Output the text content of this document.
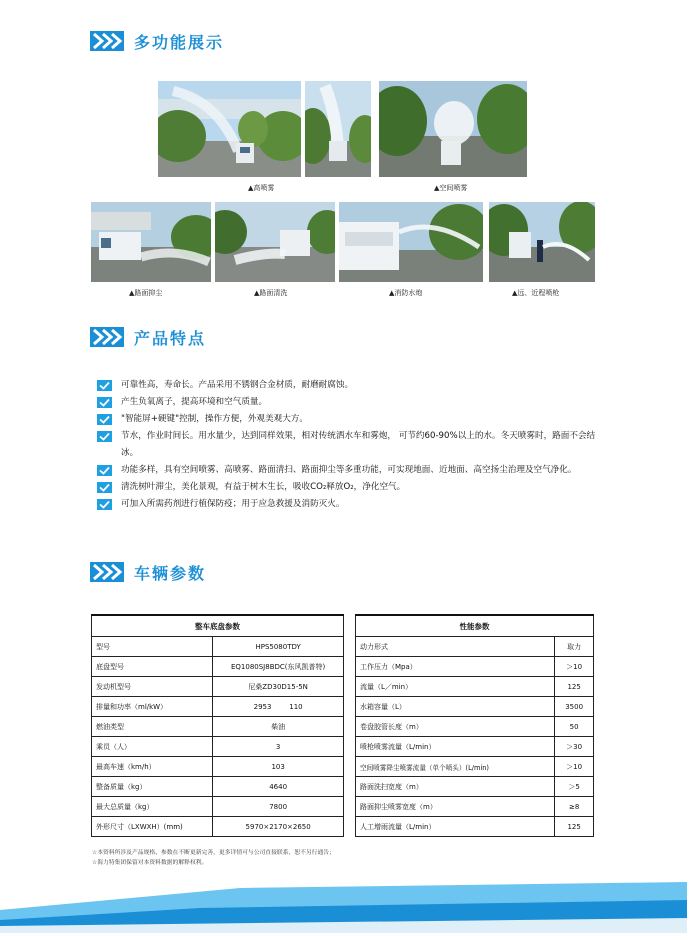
多功能展示
▲高喷雾	▲空间喷雾
▲路面抑尘	▲路面清洗	▲消防水炮	▲远、近程喷枪
产品特点
可靠性高，寿命长。产品采用不锈钢合金材质，耐磨耐腐蚀。
产生负氧离子，提高环境和空气质量。
"智能屏+硬键"控制，操作方便，外观美观大方。
节水，作业时间长。用水量少，达到同样效果，相对传统洒水车和雾炮， 可节约60-90%以上的水。冬天喷雾时，路面不会结冰。
功能多样，具有空间喷雾、高喷雾、路面清扫、路面抑尘等多重功能，可实现地面、近地面、高空扬尘治理及空气净化。
清洗树叶滞尘，美化景观，有益于树木生长，吸收CO₂释放O₂，净化空气。
可加入所需药剂进行植保防疫；用于应急救援及消防灭火。
车辆参数
整车底盘参数	
型号	HPS5080TDY
底盘型号	EQ1080SJ8BDC(东风凯普特)
发动机型号	尼桑ZD30D15-5N
排量和功率（ml/kW）	2953        110
燃油类型	柴油
乘员（人）	3
最高车速（km/h）	103
整备质量（kg）	4640
最大总质量（kg）	7800
外形尺寸（LXWXH）(mm)	5970×2170×2650
性能参数	
动力形式	取力
工作压力（Mpa）	＞10
流量（L／min）	125
水箱容量（L）	3500
卷盘胶管长度（m）	50
喷枪喷雾流量（L/min）	＞30
空间喷雾降尘喷雾流量（单个喷头）(L/min)	＞10
路面洗扫宽度（m）	＞5
路面抑尘喷雾宽度（m）	≥8
人工增雨流量（L/min）	125
☆本资料所涉及产品规格、参数在不断更新完善，更多详情可与公司直接联系，恕不另行通告；
☆海力特集团保留对本资料数据的解释权利。
